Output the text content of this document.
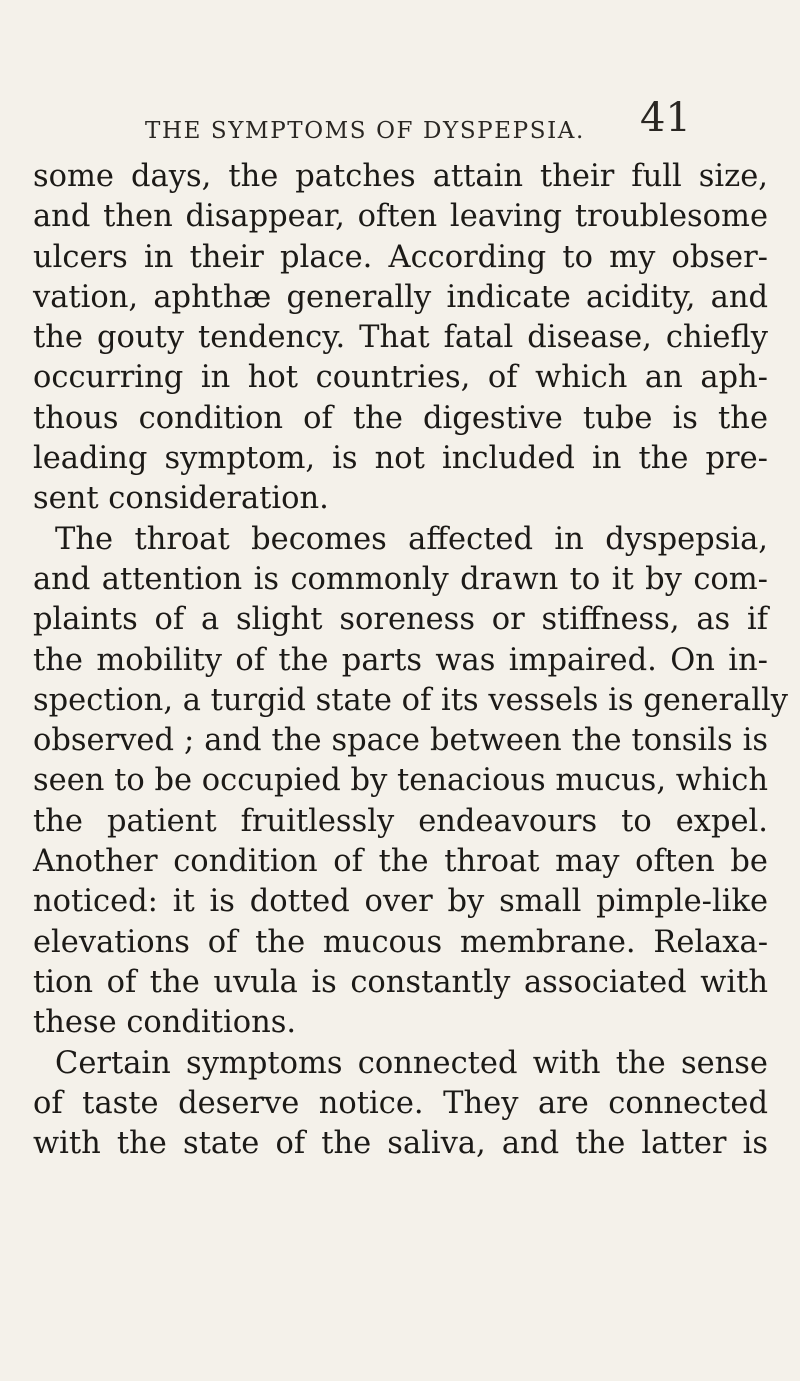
THE SYMPTOMS OF DYSPEPSIA. 41
some days, the patches attain their full size,
and then disappear, often leaving troublesome
ulcers in their place. According to my obser-
vation, aphthæ generally indicate acidity, and
the gouty tendency. That fatal disease, chiefly
occurring in hot countries, of which an aph-
thous condition of the digestive tube is the
leading symptom, is not included in the pre-
sent consideration.
The throat becomes affected in dyspepsia,
and attention is commonly drawn to it by com-
plaints of a slight soreness or stiffness, as if
the mobility of the parts was impaired. On in-
spection, a turgid state of its vessels is generally
observed ; and the space between the tonsils is
seen to be occupied by tenacious mucus, which
the patient fruitlessly endeavours to expel.
Another condition of the throat may often be
noticed: it is dotted over by small pimple-like
elevations of the mucous membrane. Relaxa-
tion of the uvula is constantly associated with
these conditions.
Certain symptoms connected with the sense
of taste deserve notice. They are connected
with the state of the saliva, and the latter is
